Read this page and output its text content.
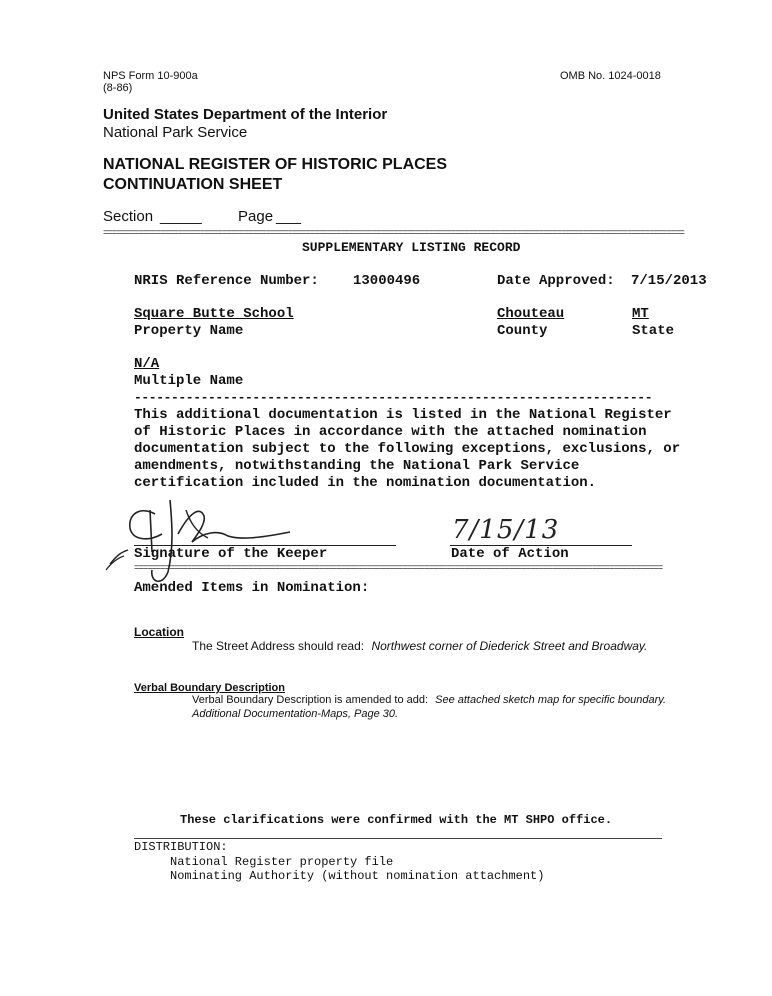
NPS Form 10-900a
(8-86)
OMB No. 1024-0018
United States Department of the Interior
National Park Service
NATIONAL REGISTER OF HISTORIC PLACES
CONTINUATION SHEET
Section _____ Page ___
====================================================================================================================================
SUPPLEMENTARY LISTING RECORD
NRIS Reference Number: 13000496	Date Approved: 7/15/2013
Square Butte School
Property Name
Chouteau
County
MT
State
N/A
Multiple Name
----------------------------------------------------------------------
This additional documentation is listed in the National Register
of Historic Places in accordance with the attached nomination
documentation subject to the following exceptions, exclusions, or
amendments, notwithstanding the National Park Service
certification included in the nomination documentation.
Signature of the Keeper
7/15/13
Date of Action
========================================================================================================================
Amended Items in Nomination:
Location
The Street Address should read: Northwest corner of Diederick Street and Broadway.
Verbal Boundary Description
Verbal Boundary Description is amended to add: See attached sketch map for specific boundary.
Additional Documentation-Maps, Page 30.
These clarifications were confirmed with the MT SHPO office.
DISTRIBUTION:
National Register property file
Nominating Authority (without nomination attachment)
